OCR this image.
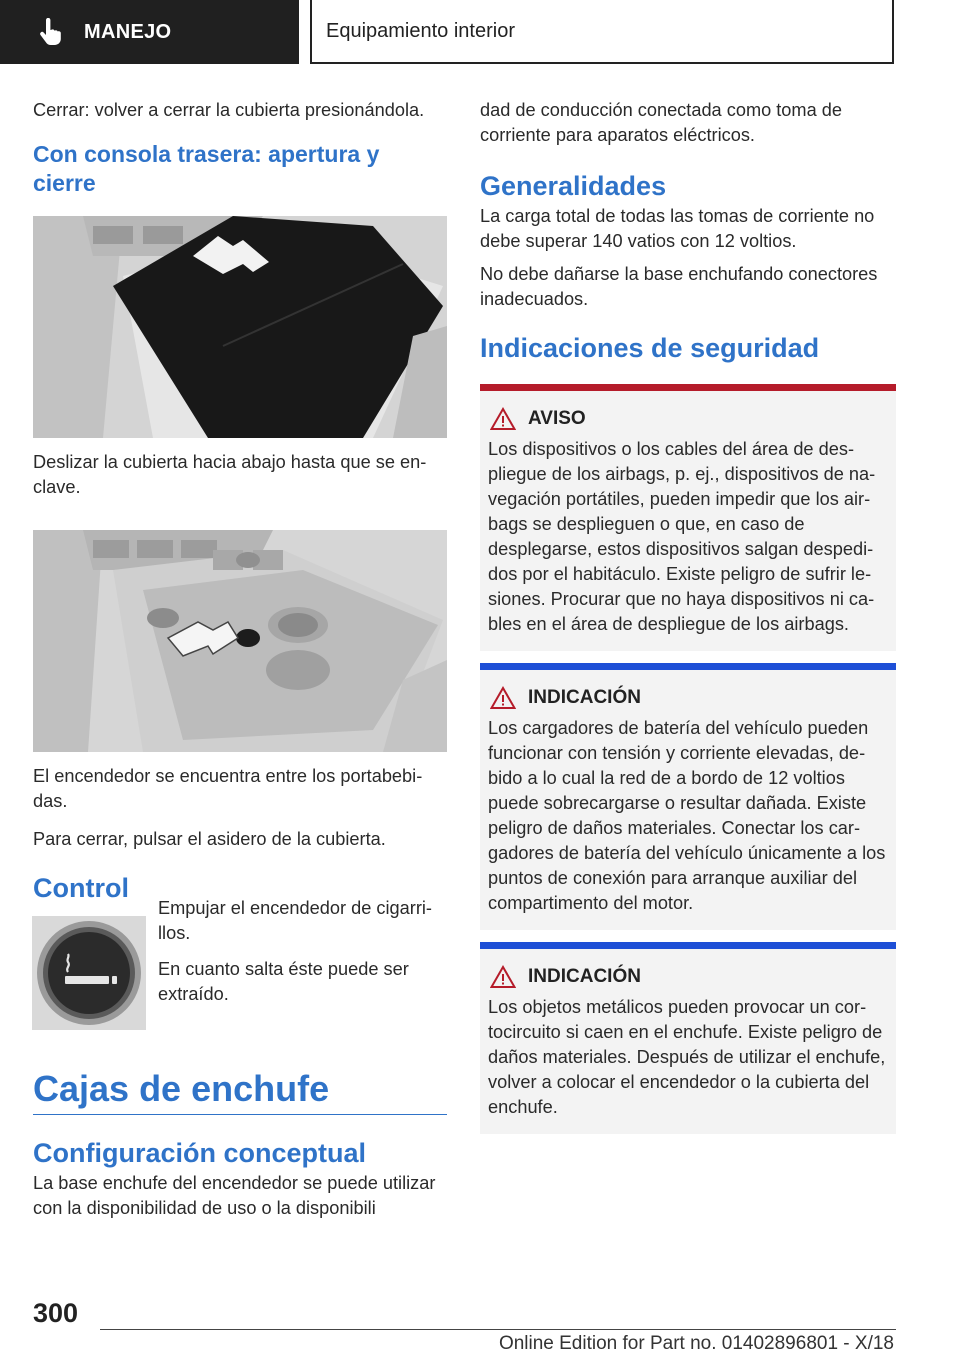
MANEJO	Equipamiento interior

Cerrar: volver a cerrar la cubierta presionándola.

Con consola trasera: apertura y cierre

Deslizar la cubierta hacia abajo hasta que se enclave.

El encendedor se encuentra entre los portabebidas.

Para cerrar, pulsar el asidero de la cubierta.

Control

Empujar el encendedor de cigarrillos.

En cuanto salta éste puede ser extraído.

Cajas de enchufe
Configuración conceptual

La base enchufe del encendedor se puede utilizar con la disponibilidad de uso o la disponibili

dad de conducción conectada como toma de corriente para aparatos eléctricos.

Generalidades

La carga total de todas las tomas de corriente no debe superar 140 vatios con 12 voltios.

No debe dañarse la base enchufando conectores inadecuados.

Indicaciones de seguridad
AVISO

Los dispositivos o los cables del área de despliegue de los airbags, p. ej., dispositivos de navegación portátiles, pueden impedir que los airbags se desplieguen o que, en caso de desplegarse, estos dispositivos salgan despedidos por el habitáculo. Existe peligro de sufrir lesiones. Procurar que no haya dispositivos ni cables en el área de despliegue de los airbags.

INDICACIÓN

Los cargadores de batería del vehículo pueden funcionar con tensión y corriente elevadas, debido a lo cual la red de a bordo de 12 voltios puede sobrecargarse o resultar dañada. Existe peligro de daños materiales. Conectar los cargadores de batería del vehículo únicamente a los puntos de conexión para arranque auxiliar del compartimento del motor.

INDICACIÓN

Los objetos metálicos pueden provocar un cortocircuito si caen en el enchufe. Existe peligro de daños materiales. Después de utilizar el enchufe, volver a colocar el encendedor o la cubierta del enchufe.

300
Online Edition for Part no. 01402896801 - X/18
